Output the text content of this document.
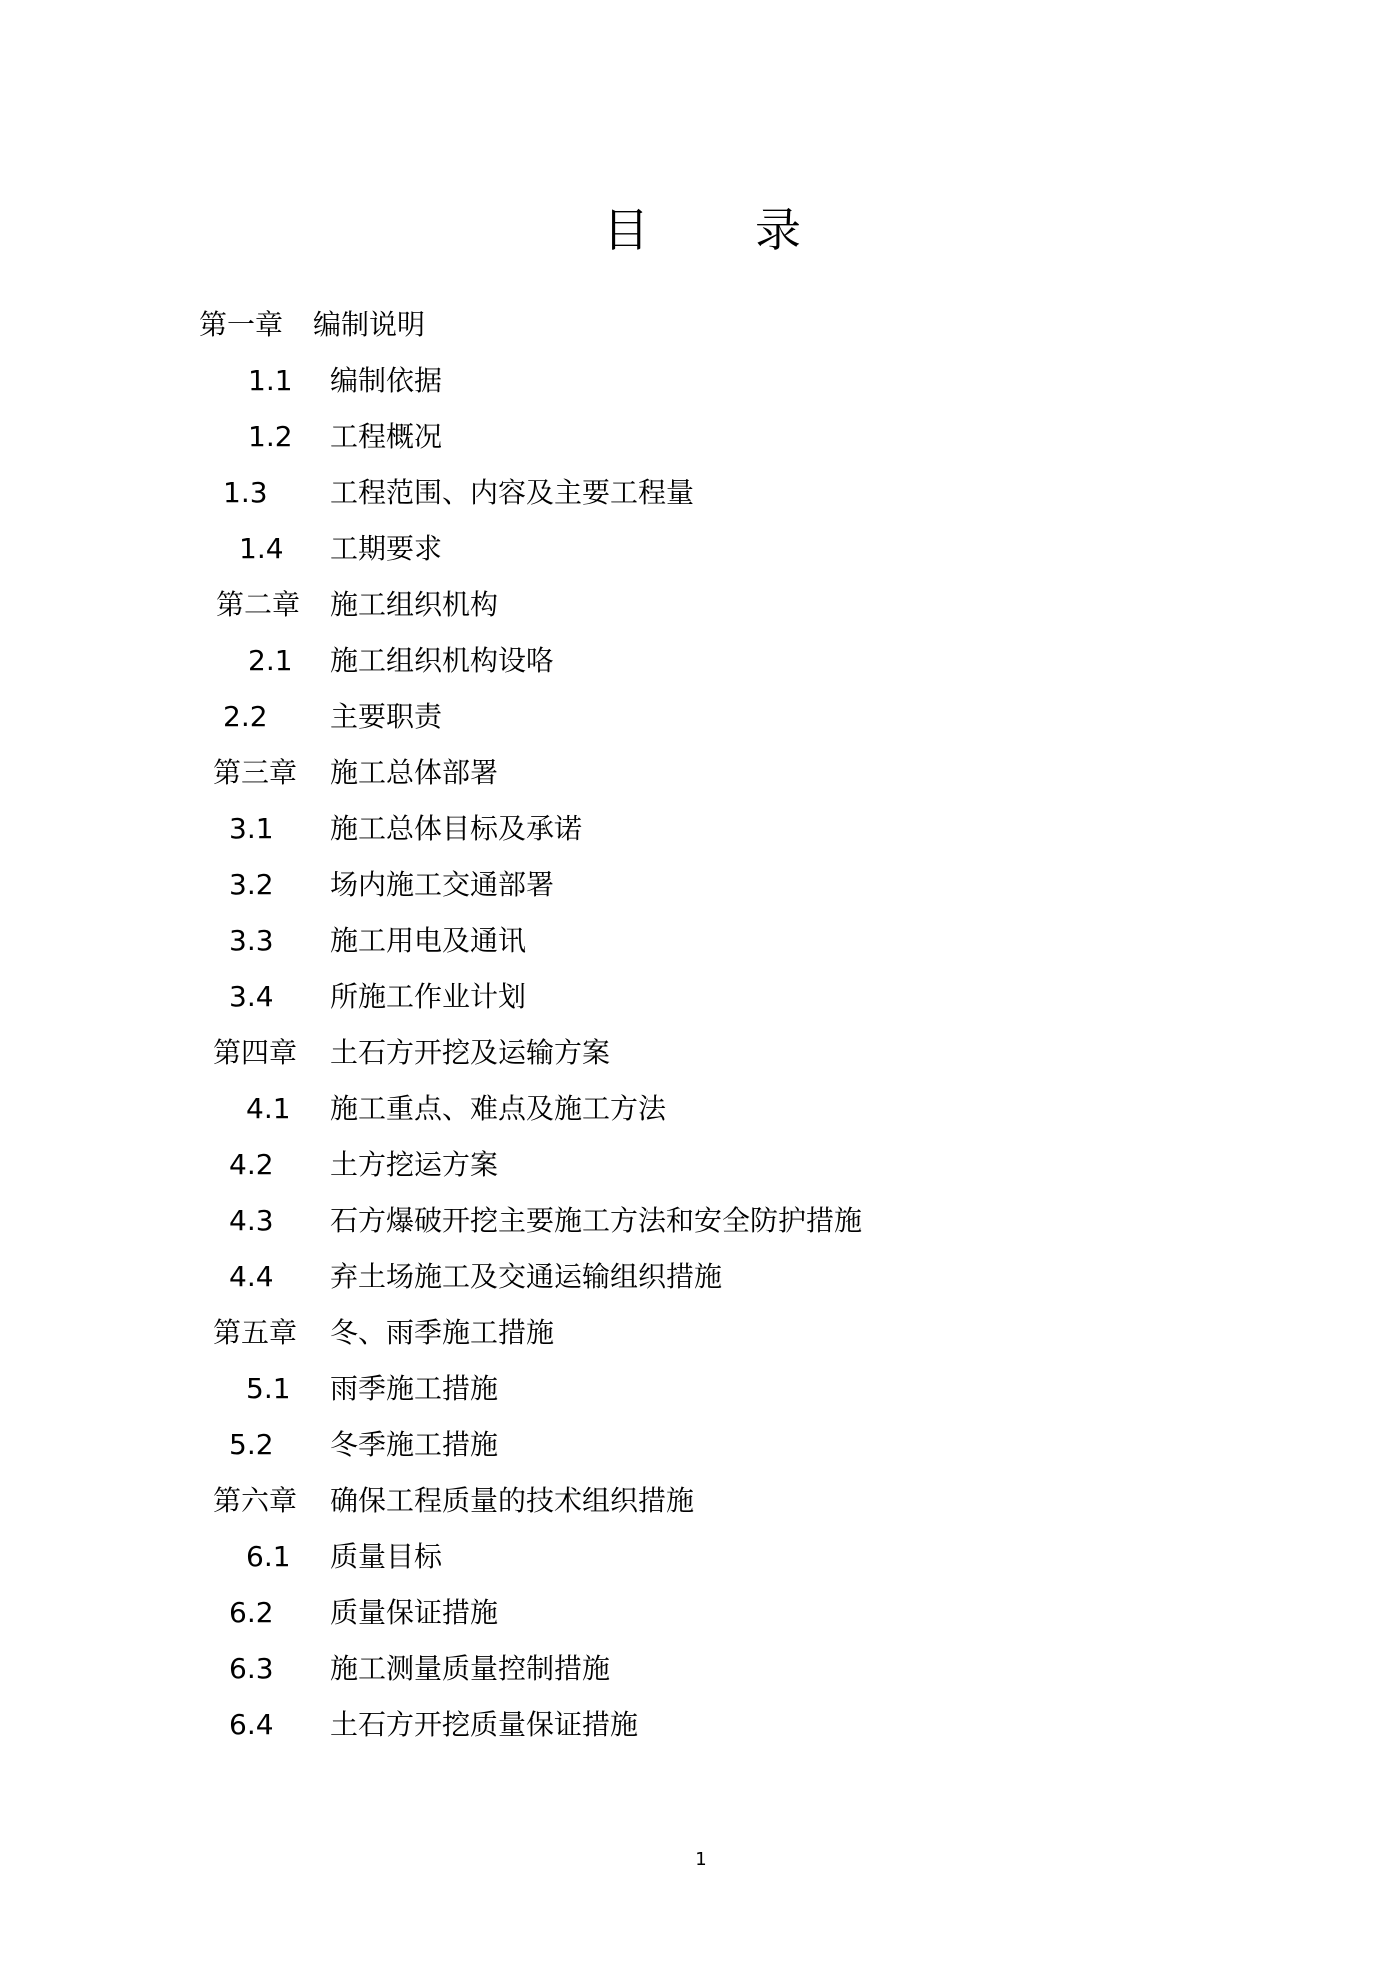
目 录
第一章 编制说明
1.1 编制依据
1.2 工程概况
1.3 工程范围、内容及主要工程量
1.4 工期要求
第二章 施工组织机构
2.1 施工组织机构设咯
2.2 主要职责
第三章 施工总体部署
3.1 施工总体目标及承诺
3.2 场内施工交通部署
3.3 施工用电及通讯
3.4 所施工作业计划
第四章 土石方开挖及运输方案
4.1 施工重点、难点及施工方法
4.2 土方挖运方案
4.3 石方爆破开挖主要施工方法和安全防护措施
4.4 弃土场施工及交通运输组织措施
第五章 冬、雨季施工措施
5.1 雨季施工措施
5.2 冬季施工措施
第六章 确保工程质量的技术组织措施
6.1 质量目标
6.2 质量保证措施
6.3 施工测量质量控制措施
6.4 土石方开挖质量保证措施
1
